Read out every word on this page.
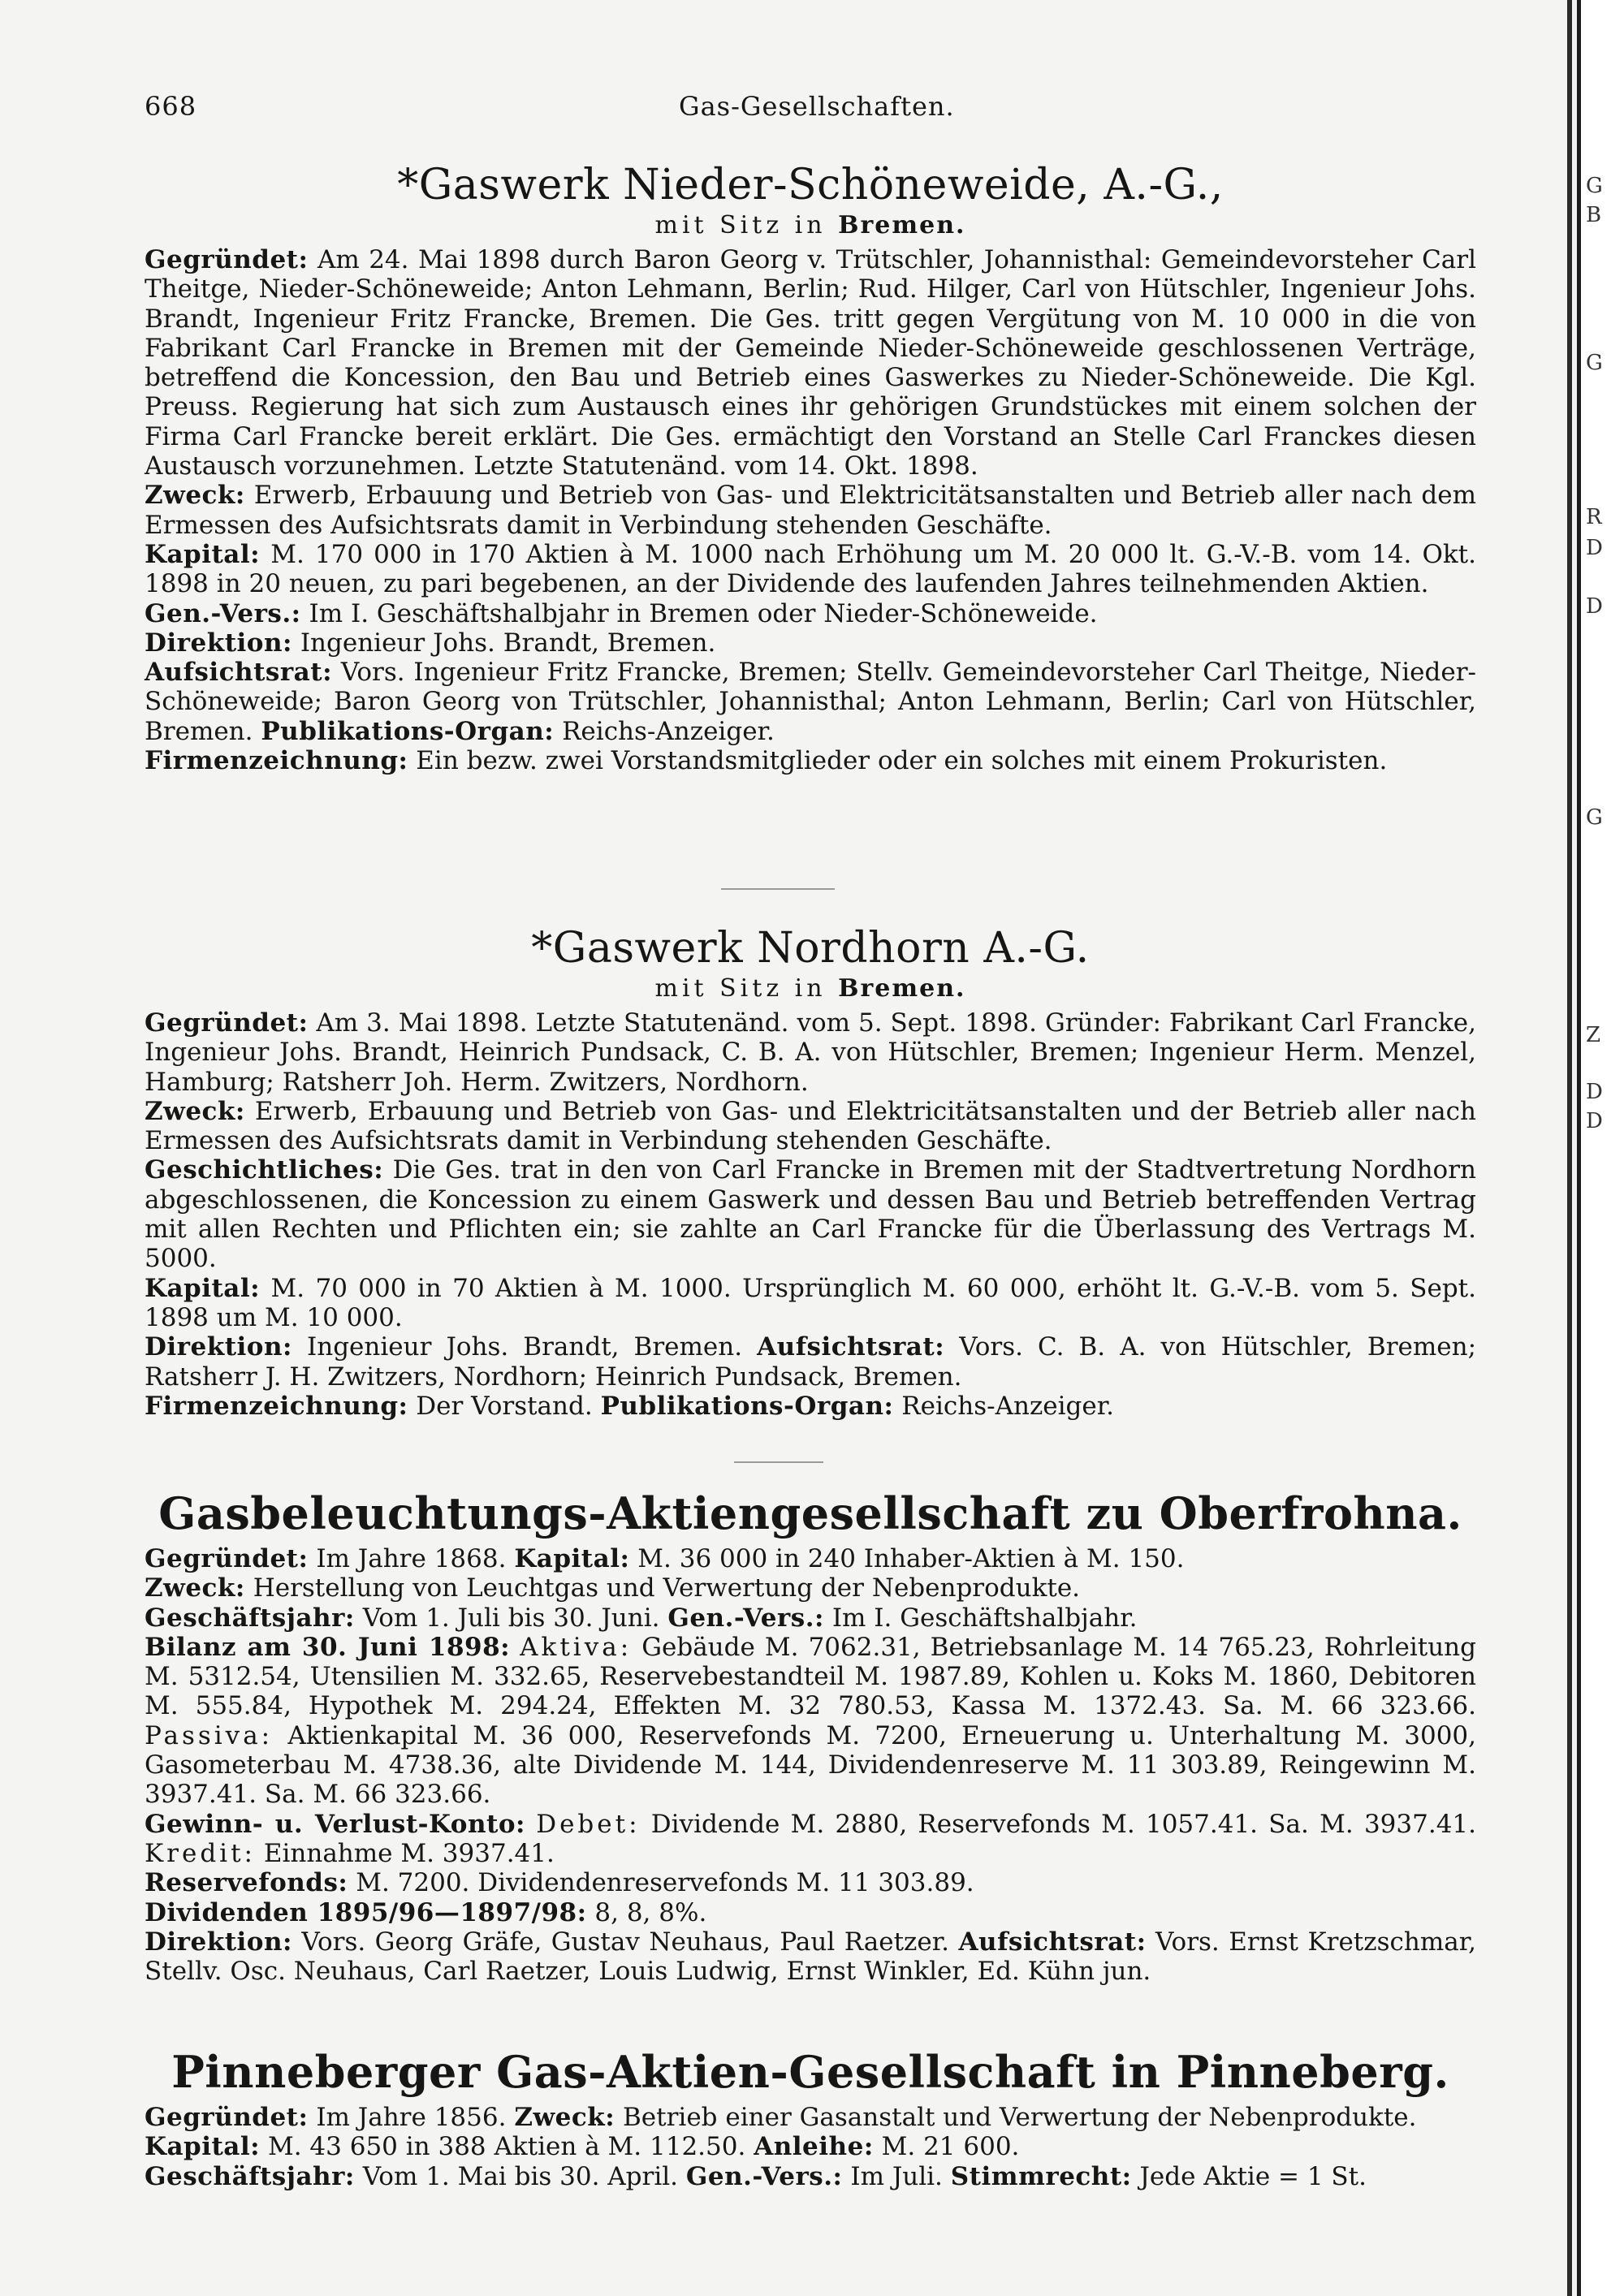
668	Gas-Gesellschaften.
*Gaswerk Nieder-Schöneweide, A.-G.,
mit Sitz in Bremen.
Gegründet: Am 24. Mai 1898 durch Baron Georg v. Trütschler, Johannisthal: Gemeindevorsteher Carl Theitge, Nieder-Schöneweide; Anton Lehmann, Berlin; Rud. Hilger, Carl von Hütschler, Ingenieur Johs. Brandt, Ingenieur Fritz Francke, Bremen. Die Ges. tritt gegen Vergütung von M. 10 000 in die von Fabrikant Carl Francke in Bremen mit der Gemeinde Nieder-Schöneweide geschlossenen Verträge, betreffend die Koncession, den Bau und Betrieb eines Gaswerkes zu Nieder-Schöneweide. Die Kgl. Preuss. Regierung hat sich zum Austausch eines ihr gehörigen Grundstückes mit einem solchen der Firma Carl Francke bereit erklärt. Die Ges. ermächtigt den Vorstand an Stelle Carl Franckes diesen Austausch vorzunehmen. Letzte Statutenänd. vom 14. Okt. 1898.
Zweck: Erwerb, Erbauung und Betrieb von Gas- und Elektricitätsanstalten und Betrieb aller nach dem Ermessen des Aufsichtsrats damit in Verbindung stehenden Geschäfte.
Kapital: M. 170 000 in 170 Aktien à M. 1000 nach Erhöhung um M. 20 000 lt. G.-V.-B. vom 14. Okt. 1898 in 20 neuen, zu pari begebenen, an der Dividende des laufenden Jahres teilnehmenden Aktien.
Gen.-Vers.: Im I. Geschäftshalbjahr in Bremen oder Nieder-Schöneweide.
Direktion: Ingenieur Johs. Brandt, Bremen.
Aufsichtsrat: Vors. Ingenieur Fritz Francke, Bremen; Stellv. Gemeindevorsteher Carl Theitge, Nieder-Schöneweide; Baron Georg von Trütschler, Johannisthal; Anton Lehmann, Berlin; Carl von Hütschler, Bremen. Publikations-Organ: Reichs-Anzeiger.
Firmenzeichnung: Ein bezw. zwei Vorstandsmitglieder oder ein solches mit einem Prokuristen.
*Gaswerk Nordhorn A.-G.
mit Sitz in Bremen.
Gegründet: Am 3. Mai 1898. Letzte Statutenänd. vom 5. Sept. 1898. Gründer: Fabrikant Carl Francke, Ingenieur Johs. Brandt, Heinrich Pundsack, C. B. A. von Hütschler, Bremen; Ingenieur Herm. Menzel, Hamburg; Ratsherr Joh. Herm. Zwitzers, Nordhorn.
Zweck: Erwerb, Erbauung und Betrieb von Gas- und Elektricitätsanstalten und der Betrieb aller nach Ermessen des Aufsichtsrats damit in Verbindung stehenden Geschäfte.
Geschichtliches: Die Ges. trat in den von Carl Francke in Bremen mit der Stadtvertretung Nordhorn abgeschlossenen, die Koncession zu einem Gaswerk und dessen Bau und Betrieb betreffenden Vertrag mit allen Rechten und Pflichten ein; sie zahlte an Carl Francke für die Überlassung des Vertrags M. 5000.
Kapital: M. 70 000 in 70 Aktien à M. 1000. Ursprünglich M. 60 000, erhöht lt. G.-V.-B. vom 5. Sept. 1898 um M. 10 000.
Direktion: Ingenieur Johs. Brandt, Bremen. Aufsichtsrat: Vors. C. B. A. von Hütschler, Bremen; Ratsherr J. H. Zwitzers, Nordhorn; Heinrich Pundsack, Bremen.
Firmenzeichnung: Der Vorstand. Publikations-Organ: Reichs-Anzeiger.
Gasbeleuchtungs-Aktiengesellschaft zu Oberfrohna.
Gegründet: Im Jahre 1868. Kapital: M. 36 000 in 240 Inhaber-Aktien à M. 150.
Zweck: Herstellung von Leuchtgas und Verwertung der Nebenprodukte.
Geschäftsjahr: Vom 1. Juli bis 30. Juni. Gen.-Vers.: Im I. Geschäftshalbjahr.
Bilanz am 30. Juni 1898: Aktiva: Gebäude M. 7062.31, Betriebsanlage M. 14 765.23, Rohrleitung M. 5312.54, Utensilien M. 332.65, Reservebestandteil M. 1987.89, Kohlen u. Koks M. 1860, Debitoren M. 555.84, Hypothek M. 294.24, Effekten M. 32 780.53, Kassa M. 1372.43. Sa. M. 66 323.66. Passiva: Aktienkapital M. 36 000, Reservefonds M. 7200, Erneuerung u. Unterhaltung M. 3000, Gasometerbau M. 4738.36, alte Dividende M. 144, Dividendenreserve M. 11 303.89, Reingewinn M. 3937.41. Sa. M. 66 323.66.
Gewinn- u. Verlust-Konto: Debet: Dividende M. 2880, Reservefonds M. 1057.41. Sa. M. 3937.41. Kredit: Einnahme M. 3937.41.
Reservefonds: M. 7200. Dividendenreservefonds M. 11 303.89.
Dividenden 1895/96—1897/98: 8, 8, 8%.
Direktion: Vors. Georg Gräfe, Gustav Neuhaus, Paul Raetzer. Aufsichtsrat: Vors. Ernst Kretzschmar, Stellv. Osc. Neuhaus, Carl Raetzer, Louis Ludwig, Ernst Winkler, Ed. Kühn jun.
Pinneberger Gas-Aktien-Gesellschaft in Pinneberg.
Gegründet: Im Jahre 1856. Zweck: Betrieb einer Gasanstalt und Verwertung der Nebenprodukte.
Kapital: M. 43 650 in 388 Aktien à M. 112.50. Anleihe: M. 21 600.
Geschäftsjahr: Vom 1. Mai bis 30. April. Gen.-Vers.: Im Juli. Stimmrecht: Jede Aktie = 1 St.
G
B
G
R
D
D
G
Z
D
D
